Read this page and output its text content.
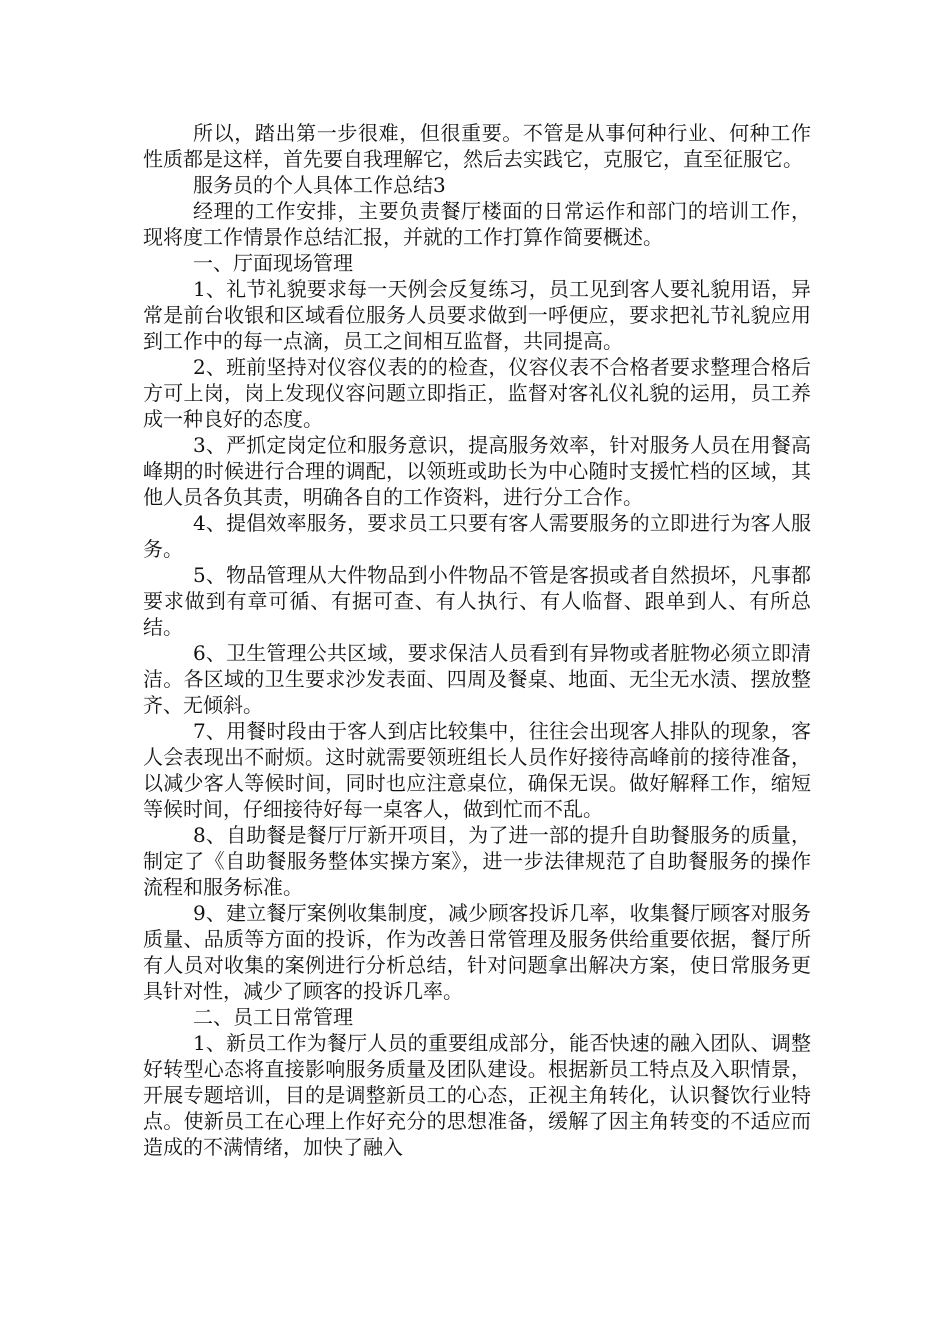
所以，踏出第一步很难，但很重要。不管是从事何种行业、何种工作性质都是这样，首先要自我理解它，然后去实践它，克服它，直至征服它。

服务员的个人具体工作总结3

经理的工作安排，主要负责餐厅楼面的日常运作和部门的培训工作，现将度工作情景作总结汇报，并就的工作打算作简要概述。

一、厅面现场管理

1、礼节礼貌要求每一天例会反复练习，员工见到客人要礼貌用语，异常是前台收银和区域看位服务人员要求做到一呼便应，要求把礼节礼貌应用到工作中的每一点滴，员工之间相互监督，共同提高。

2、班前坚持对仪容仪表的的检查，仪容仪表不合格者要求整理合格后方可上岗，岗上发现仪容问题立即指正，监督对客礼仪礼貌的运用，员工养成一种良好的态度。

3、严抓定岗定位和服务意识，提高服务效率，针对服务人员在用餐高峰期的时候进行合理的调配，以领班或助长为中心随时支援忙档的区域，其他人员各负其责，明确各自的工作资料，进行分工合作。

4、提倡效率服务，要求员工只要有客人需要服务的立即进行为客人服务。

5、物品管理从大件物品到小件物品不管是客损或者自然损坏，凡事都要求做到有章可循、有据可查、有人执行、有人临督、跟单到人、有所总结。

6、卫生管理公共区域，要求保洁人员看到有异物或者脏物必须立即清洁。各区域的卫生要求沙发表面、四周及餐桌、地面、无尘无水渍、摆放整齐、无倾斜。

7、用餐时段由于客人到店比较集中，往往会出现客人排队的现象，客人会表现出不耐烦。这时就需要领班组长人员作好接待高峰前的接待准备，以减少客人等候时间，同时也应注意桌位，确保无误。做好解释工作，缩短等候时间，仔细接待好每一桌客人，做到忙而不乱。

8、自助餐是餐厅厅新开项目，为了进一部的提升自助餐服务的质量，制定了《自助餐服务整体实操方案》，进一步法律规范了自助餐服务的操作流程和服务标准。

9、建立餐厅案例收集制度，减少顾客投诉几率，收集餐厅顾客对服务质量、品质等方面的投诉，作为改善日常管理及服务供给重要依据，餐厅所有人员对收集的案例进行分析总结，针对问题拿出解决方案，使日常服务更具针对性，减少了顾客的投诉几率。

二、员工日常管理

1、新员工作为餐厅人员的重要组成部分，能否快速的融入团队、调整好转型心态将直接影响服务质量及团队建设。根据新员工特点及入职情景，开展专题培训，目的是调整新员工的心态，正视主角转化，认识餐饮行业特点。使新员工在心理上作好充分的思想准备，缓解了因主角转变的不适应而造成的不满情绪，加快了融入
